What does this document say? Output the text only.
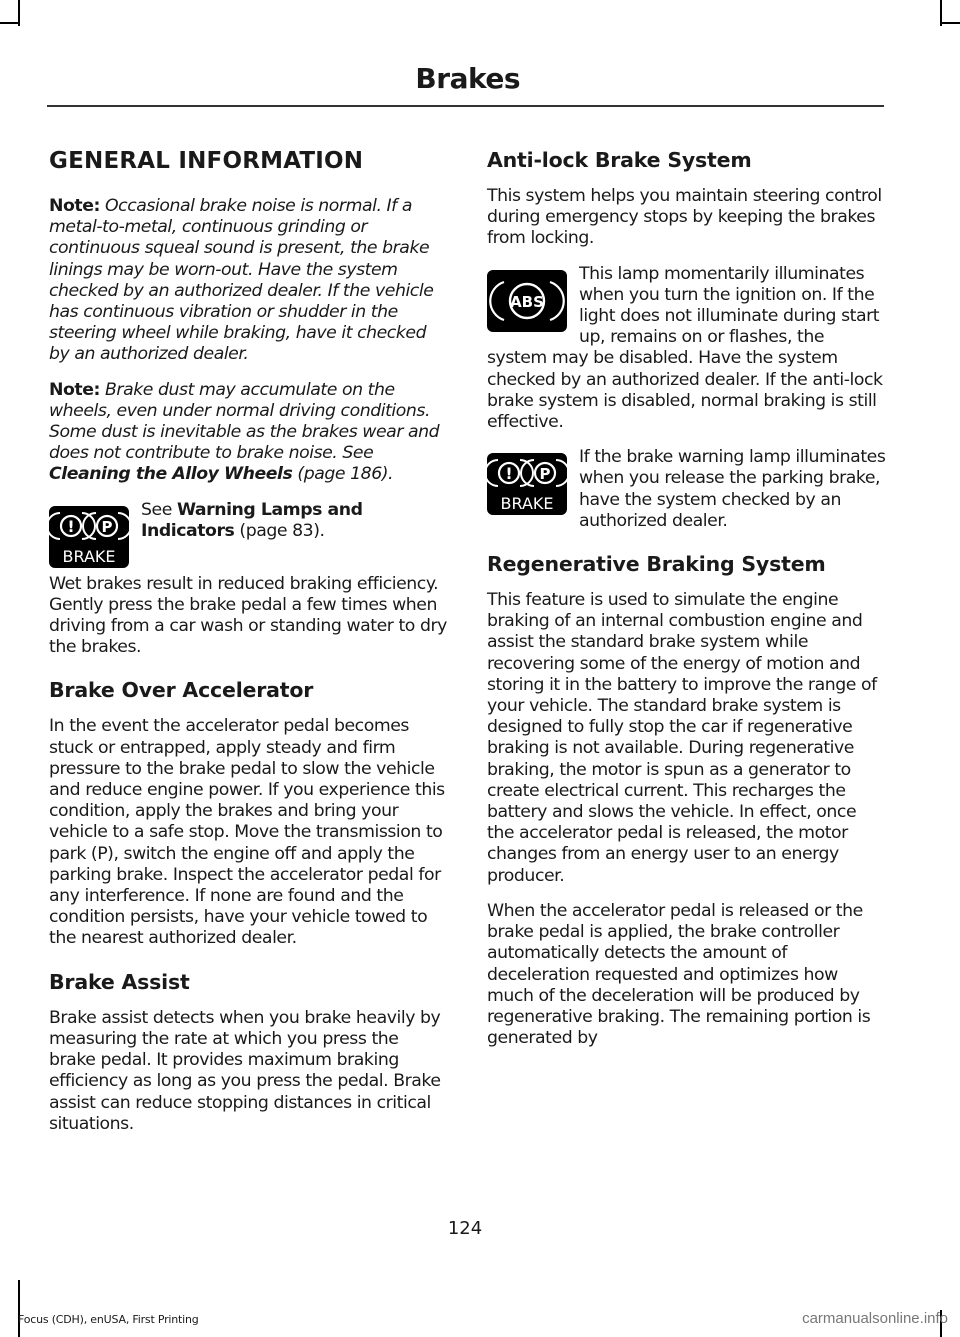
Brakes
GENERAL INFORMATION

Note: Occasional brake noise is normal. If a metal-to-metal, continuous grinding or continuous squeal sound is present, the brake linings may be worn-out. Have the system checked by an authorized dealer. If the vehicle has continuous vibration or shudder in the steering wheel while braking, have it checked by an authorized dealer.

Note: Brake dust may accumulate on the wheels, even under normal driving conditions. Some dust is inevitable as the brakes wear and does not contribute to brake noise. See Cleaning the Alloy Wheels (page 186).

! P
BRAKE

See Warning Lamps and Indicators (page 83).

Wet brakes result in reduced braking efficiency. Gently press the brake pedal a few times when driving from a car wash or standing water to dry the brakes.

Brake Over Accelerator

In the event the accelerator pedal becomes stuck or entrapped, apply steady and firm pressure to the brake pedal to slow the vehicle and reduce engine power. If you experience this condition, apply the brakes and bring your vehicle to a safe stop. Move the transmission to park (P), switch the engine off and apply the parking brake. Inspect the accelerator pedal for any interference. If none are found and the condition persists, have your vehicle towed to the nearest authorized dealer.

Brake Assist

Brake assist detects when you brake heavily by measuring the rate at which you press the brake pedal. It provides maximum braking efficiency as long as you press the pedal. Brake assist can reduce stopping distances in critical situations.

Anti-lock Brake System

This system helps you maintain steering control during emergency stops by keeping the brakes from locking.

ABS

This lamp momentarily illuminates when you turn the ignition on. If the light does not illuminate during start up, remains on or flashes, the system may be disabled. Have the system checked by an authorized dealer. If the anti-lock brake system is disabled, normal braking is still effective.

! P
BRAKE

If the brake warning lamp illuminates when you release the parking brake, have the system checked by an authorized dealer.

Regenerative Braking System

This feature is used to simulate the engine braking of an internal combustion engine and assist the standard brake system while recovering some of the energy of motion and storing it in the battery to improve the range of your vehicle. The standard brake system is designed to fully stop the car if regenerative braking is not available. During regenerative braking, the motor is spun as a generator to create electrical current. This recharges the battery and slows the vehicle. In effect, once the accelerator pedal is released, the motor changes from an energy user to an energy producer.

When the accelerator pedal is released or the brake pedal is applied, the brake controller automatically detects the amount of deceleration requested and optimizes how much of the deceleration will be produced by regenerative braking. The remaining portion is generated by

124
Focus (CDH), enUSA, First Printing	carmanualsonline.info
